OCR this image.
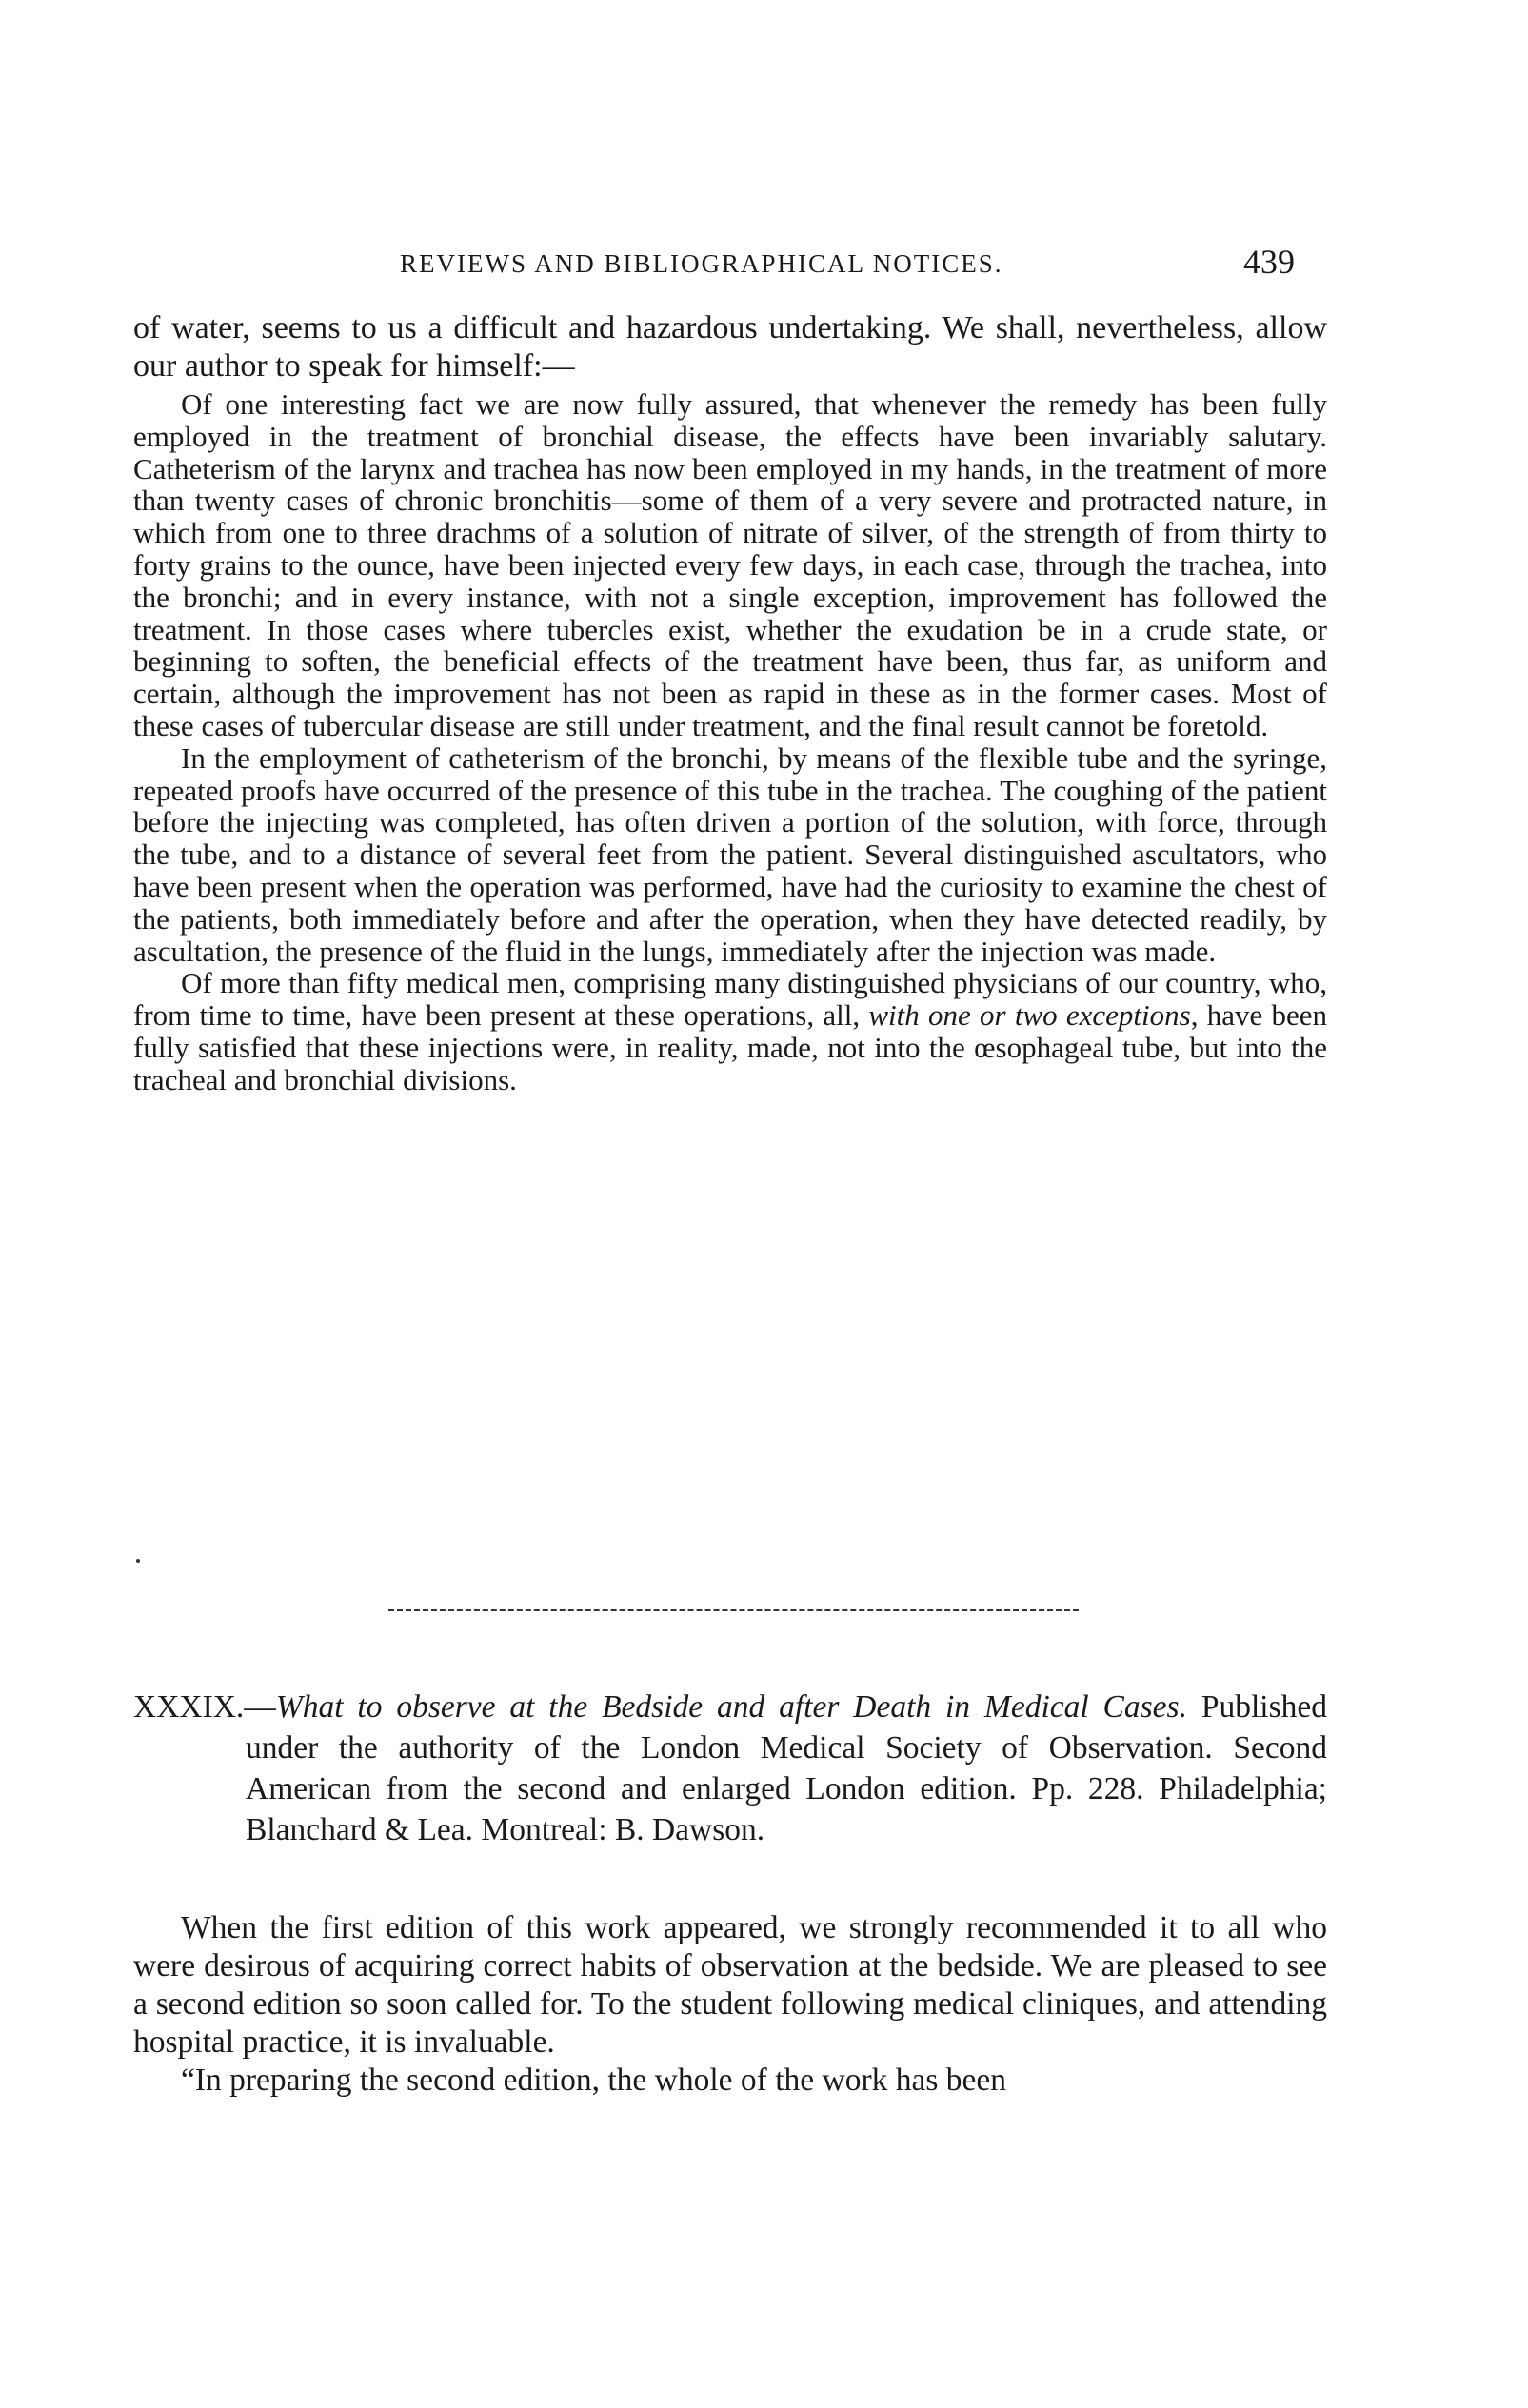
REVIEWS AND BIBLIOGRAPHICAL NOTICES.	439

of water, seems to us a difficult and hazardous undertaking. We shall, nevertheless, allow our author to speak for himself:—

Of one interesting fact we are now fully assured, that whenever the remedy has been fully employed in the treatment of bronchial disease, the effects have been invariably salutary. Catheterism of the larynx and trachea has now been employed in my hands, in the treatment of more than twenty cases of chronic bronchitis—some of them of a very severe and protracted nature, in which from one to three drachms of a solution of nitrate of silver, of the strength of from thirty to forty grains to the ounce, have been injected every few days, in each case, through the trachea, into the bronchi; and in every instance, with not a single exception, improvement has followed the treatment. In those cases where tubercles exist, whether the exudation be in a crude state, or beginning to soften, the beneficial effects of the treatment have been, thus far, as uniform and certain, although the improvement has not been as rapid in these as in the former cases. Most of these cases of tubercular disease are still under treatment, and the final result cannot be foretold.

In the employment of catheterism of the bronchi, by means of the flexible tube and the syringe, repeated proofs have occurred of the presence of this tube in the trachea. The coughing of the patient before the injecting was completed, has often driven a portion of the solution, with force, through the tube, and to a distance of several feet from the patient. Several distinguished ascultators, who have been present when the operation was performed, have had the curiosity to examine the chest of the patients, both immediately before and after the operation, when they have detected readily, by ascultation, the presence of the fluid in the lungs, immediately after the injection was made.

Of more than fifty medical men, comprising many distinguished physicians of our country, who, from time to time, have been present at these operations, all, with one or two exceptions, have been fully satisfied that these injections were, in reality, made, not into the œsophageal tube, but into the tracheal and bronchial divisions.

XXXIX.—What to observe at the Bedside and after Death in Medical Cases. Published under the authority of the London Medical Society of Observation. Second American from the second and enlarged London edition. Pp. 228. Philadelphia; Blanchard & Lea. Montreal: B. Dawson.

When the first edition of this work appeared, we strongly recommended it to all who were desirous of acquiring correct habits of observation at the bedside. We are pleased to see a second edition so soon called for. To the student following medical cliniques, and attending hospital practice, it is invaluable.

“In preparing the second edition, the whole of the work has been
